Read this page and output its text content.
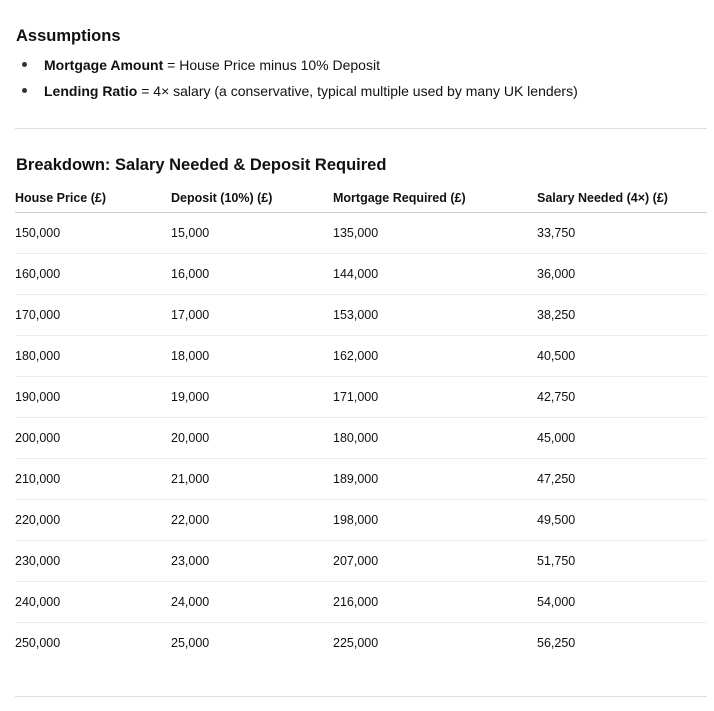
Assumptions
Mortgage Amount = House Price minus 10% Deposit
Lending Ratio = 4× salary (a conservative, typical multiple used by many UK lenders)
Breakdown: Salary Needed & Deposit Required
House Price (£)	Deposit (10%) (£)	Mortgage Required (£)	Salary Needed (4×) (£)
150,000	15,000	135,000	33,750
160,000	16,000	144,000	36,000
170,000	17,000	153,000	38,250
180,000	18,000	162,000	40,500
190,000	19,000	171,000	42,750
200,000	20,000	180,000	45,000
210,000	21,000	189,000	47,250
220,000	22,000	198,000	49,500
230,000	23,000	207,000	51,750
240,000	24,000	216,000	54,000
250,000	25,000	225,000	56,250
